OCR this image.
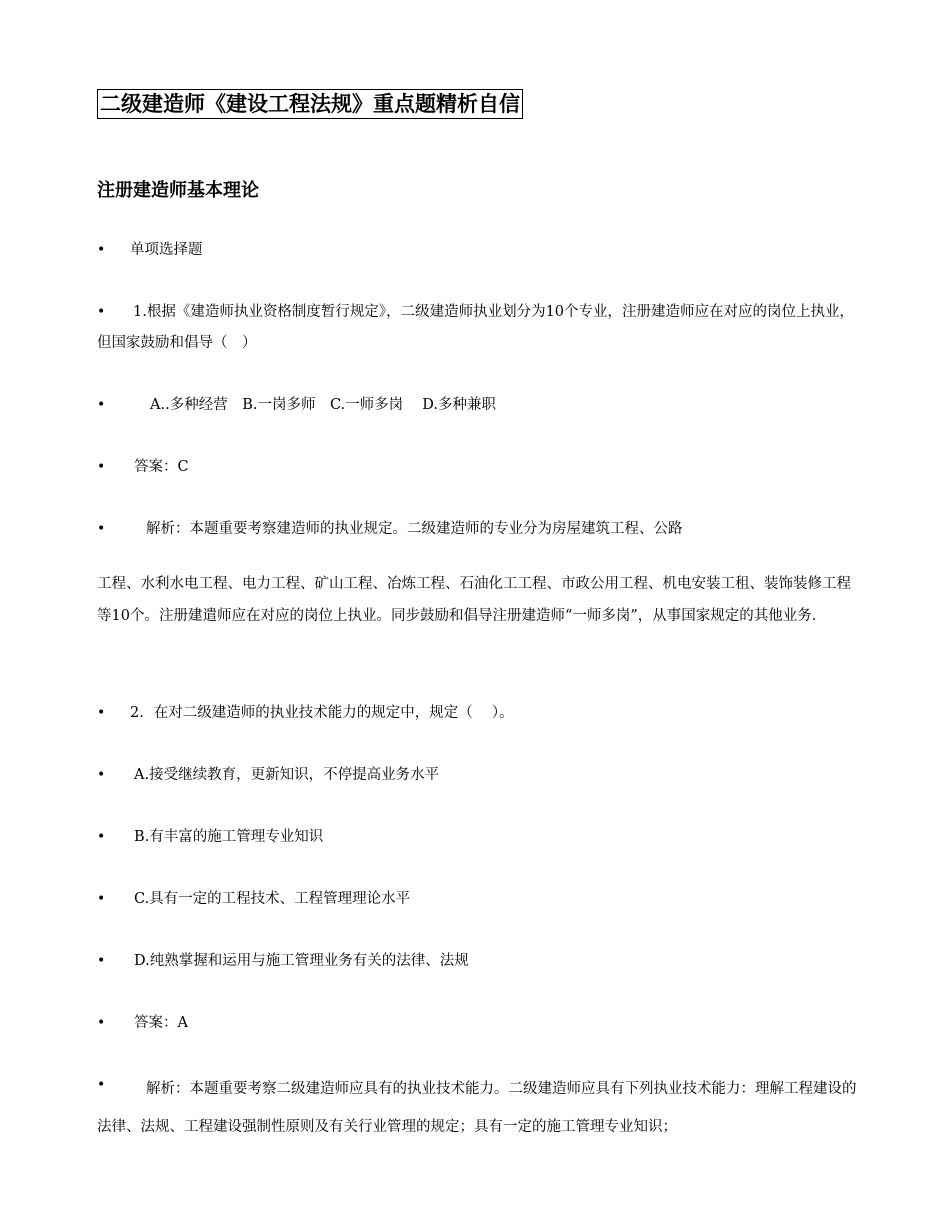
二级建造师《建设工程法规》重点题精析自信
注册建造师基本理论
• 单项选择题
•	1.根据《建造师执业资格制度暂行规定》，二级建造师执业划分为10个专业，注册建造师应在对应的岗位上执业，但国家鼓励和倡导（　）
•	A..多种经营　B.一岗多师　C.一师多岗　 D.多种兼职
• 答案：C
•	解析：本题重要考察建造师的执业规定。二级建造师的专业分为房屋建筑工程、公路

工程、水利水电工程、电力工程、矿山工程、冶炼工程、石油化工工程、市政公用工程、机电安装工租、装饰装修工程等10个。注册建遣师应在对应的岗位上执业。同步鼓励和倡导注册建造师“一师多岗”，从事国家规定的其他业务.

• 2．在对二级建造师的执业技术能力的规定中，规定（　 ）。
• A.接受继续教育，更新知识，不停提高业务水平
• B.有丰富的施工管理专业知识
• C.具有一定的工程技术、工程管理理论水平
• D.纯熟掌握和运用与施工管理业务有关的法律、法规
• 答案：A
•	解析：本题重要考察二级建造师应具有的执业技术能力。二级建造师应具有下列执业技术能力：理解工程建设的法律、法规、工程建设强制性原则及有关行业管理的规定；具有一定的施工管理专业知识；
